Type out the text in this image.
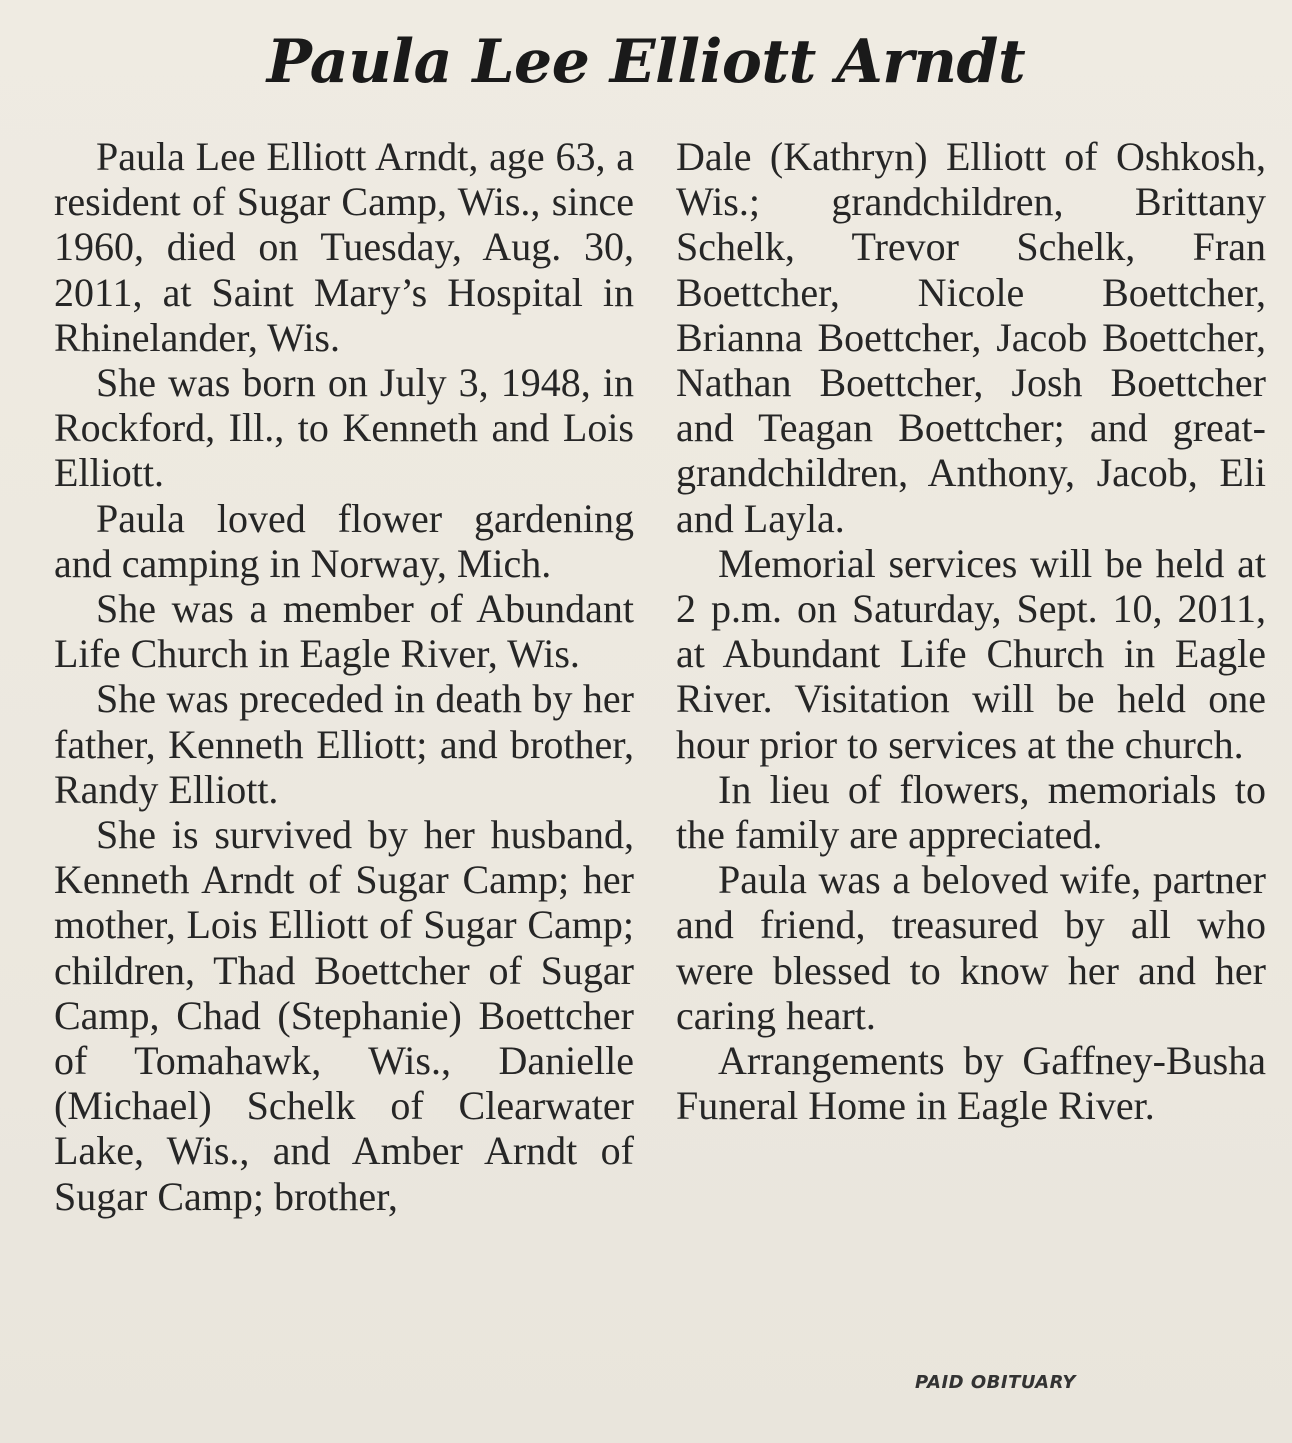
Paula Lee Elliott Arndt

Paula Lee Elliott Arndt, age 63, a resident of Sugar Camp, Wis., since 1960, died on Tuesday, Aug. 30, 2011, at Saint Mary’s Hospital in Rhinelander, Wis.

She was born on July 3, 1948, in Rockford, Ill., to Kenneth and Lois Elliott.

Paula loved flower gardening and camping in Norway, Mich.

She was a member of Abundant Life Church in Eagle River, Wis.

She was preceded in death by her father, Kenneth Elliott; and brother, Randy Elliott.

She is survived by her husband, Kenneth Arndt of Sugar Camp; her mother, Lois Elliott of Sugar Camp; children, Thad Boettcher of Sugar Camp, Chad (Stephanie) Boettcher of Tomahawk, Wis., Danielle (Michael) Schelk of Clearwater Lake, Wis., and Amber Arndt of Sugar Camp; brother,

Dale (Kathryn) Elliott of Oshkosh, Wis.; grandchildren, Brittany Schelk, Trevor Schelk, Fran Boettcher, Nicole Boettcher, Brianna Boettcher, Jacob Boettcher, Nathan Boettcher, Josh Boettcher and Teagan Boettcher; and great-grandchildren, Anthony, Jacob, Eli and Layla.

Memorial services will be held at 2 p.m. on Saturday, Sept. 10, 2011, at Abundant Life Church in Eagle River. Visitation will be held one hour prior to services at the church.

In lieu of flowers, memorials to the family are appreciated.

Paula was a beloved wife, partner and friend, treasured by all who were blessed to know her and her caring heart.

Arrangements by Gaffney-Busha Funeral Home in Eagle River.

PAID OBITUARY
